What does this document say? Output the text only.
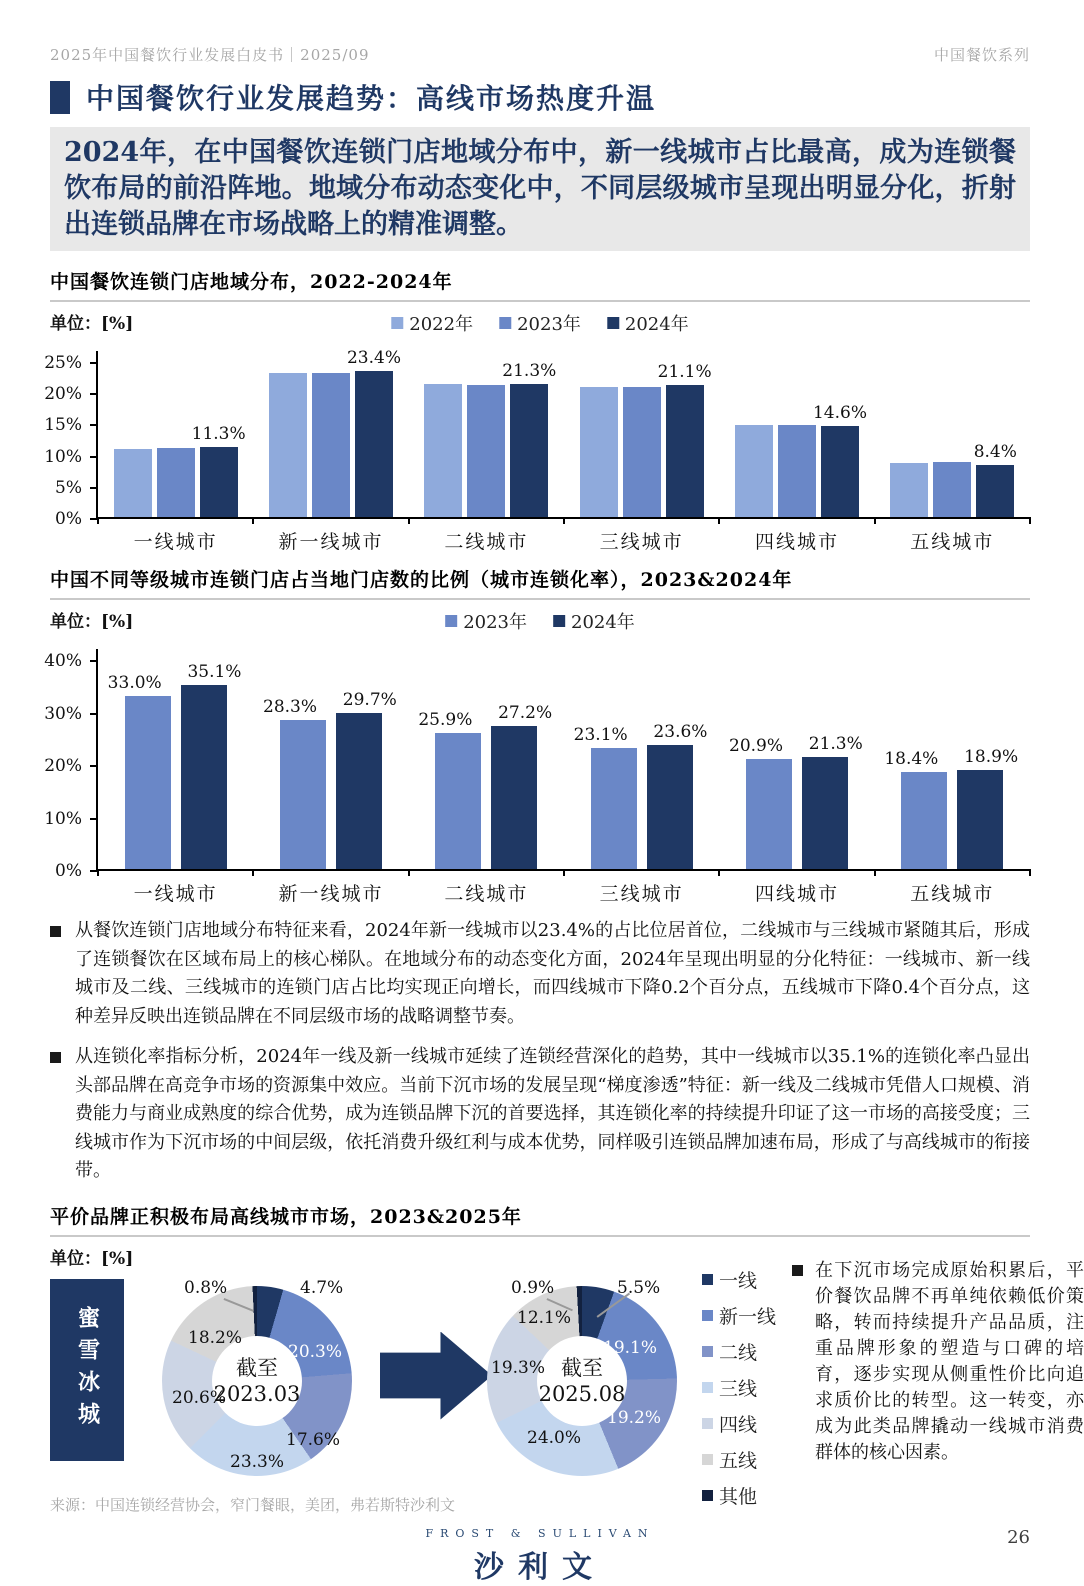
2025年中国餐饮行业发展白皮书｜2025/09	中国餐饮系列
中国餐饮行业发展趋势：高线市场热度升温
2024年，在中国餐饮连锁门店地域分布中，新一线城市占比最高，成为连锁餐饮布局的前沿阵地。地域分布动态变化中，不同层级城市呈现出明显分化，折射出连锁品牌在市场战略上的精准调整。
中国餐饮连锁门店地域分布，2022-2024年
单位：[%]	2022年 2023年 2024年
0%
5%
10%
15%
20%
25%
11.3%
一线城市
23.4%
新一线城市
21.3%
二线城市
21.1%
三线城市
14.6%
四线城市
8.4%
五线城市
中国不同等级城市连锁门店占当地门店数的比例（城市连锁化率），2023&2024年
单位：[%]	2023年 2024年
0%
10%
20%
30%
40%
33.0%
35.1%
一线城市
28.3% 29.7%
新一线城市
25.9% 27.2%
二线城市
23.1% 23.6%
三线城市
20.9% 21.3%
四线城市
18.4% 18.9%
五线城市

从餐饮连锁门店地域分布特征来看，2024年新一线城市以23.4%的占比位居首位，二线城市与三线城市紧随其后，形成了连锁餐饮在区域布局上的核心梯队。在地域分布的动态变化方面，2024年呈现出明显的分化特征：一线城市、新一线城市及二线、三线城市的连锁门店占比均实现正向增长，而四线城市下降0.2个百分点，五线城市下降0.4个百分点，这种差异反映出连锁品牌在不同层级市场的战略调整节奏。

从连锁化率指标分析，2024年一线及新一线城市延续了连锁经营深化的趋势，其中一线城市以35.1%的连锁化率凸显出头部品牌在高竞争市场的资源集中效应。当前下沉市场的发展呈现“梯度渗透”特征：新一线及二线城市凭借人口规模、消费能力与商业成熟度的综合优势，成为连锁品牌下沉的首要选择，其连锁化率的持续提升印证了这一市场的高接受度；三线城市作为下沉市场的中间层级，依托消费升级红利与成本优势，同样吸引连锁品牌加速布局，形成了与高线城市的衔接带。

平价品牌正积极布局高线城市市场，2023&2025年
单位：[%]
蜜雪冰城	截至
2023.03
4.7%
20.3%
17.6%
23.3%
20.6%
18.2%
0.8%
截至
2025.08
5.5%
19.1%
19.2%
24.0%
19.3%
12.1%
0.9%	一线
新一线
二线
三线
四线
五线
其他

在下沉市场完成原始积累后，平价餐饮品牌不再单纯依赖低价策略，转而持续提升产品品质，注重品牌形象的塑造与口碑的培育，逐步实现从侧重性价比向追求质价比的转型。这一转变，亦成为此类品牌撬动一线城市消费群体的核心因素。

来源：中国连锁经营协会，窄门餐眼，美团，弗若斯特沙利文
FROST & SULLIVAN
沙利文
26
